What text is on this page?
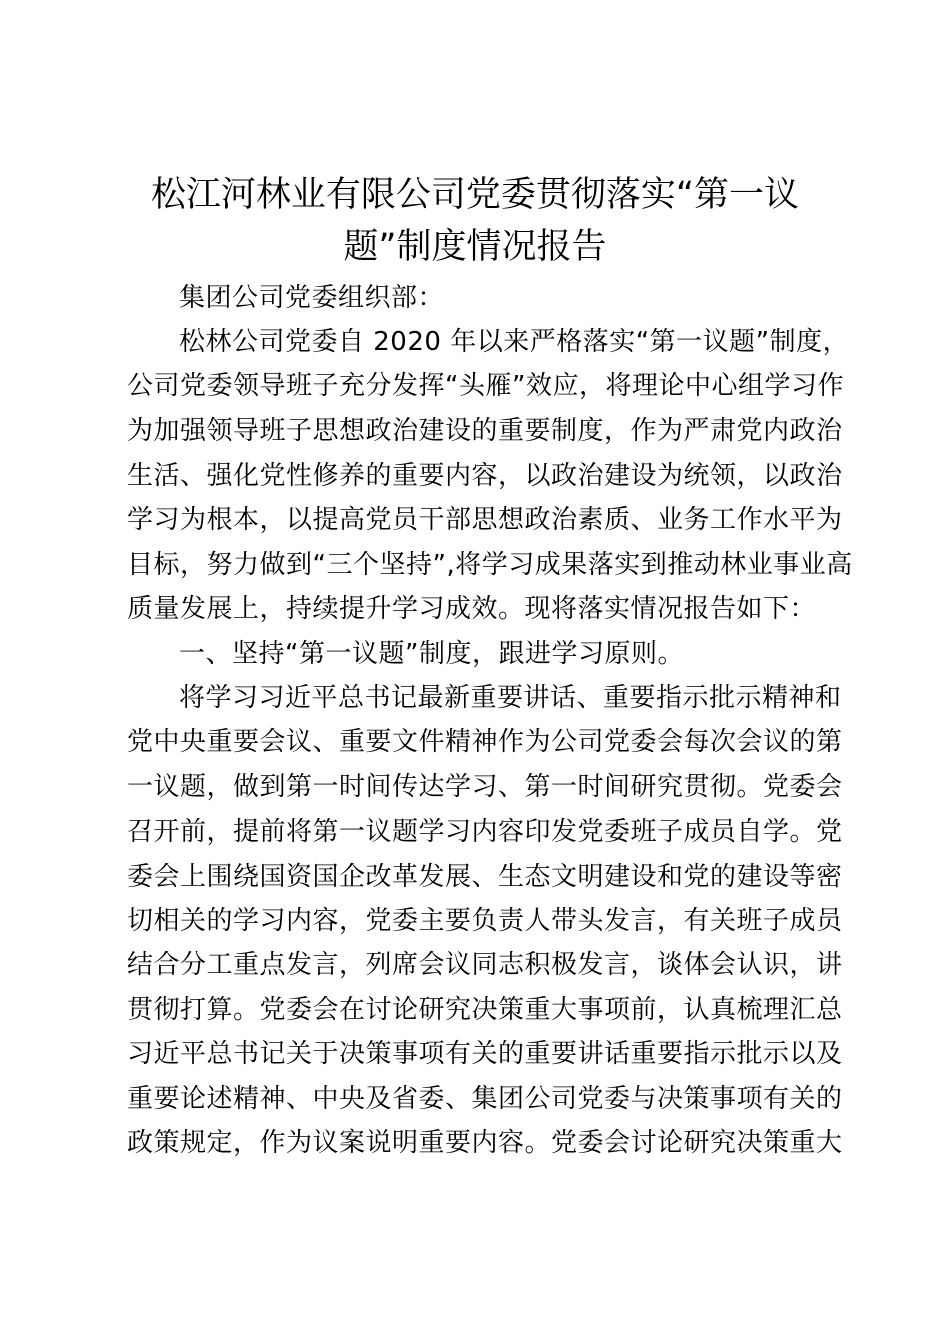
松江河林业有限公司党委贯彻落实“第一议
题”制度情况报告
集团公司党委组织部：
松林公司党委自 2020 年以来严格落实“第一议题”制度，
公司党委领导班子充分发挥“头雁”效应，将理论中心组学习作
为加强领导班子思想政治建设的重要制度，作为严肃党内政治
生活、强化党性修养的重要内容，以政治建设为统领，以政治
学习为根本，以提高党员干部思想政治素质、业务工作水平为
目标，努力做到“三个坚持”,将学习成果落实到推动林业事业高
质量发展上，持续提升学习成效。现将落实情况报告如下：
一、坚持“第一议题”制度，跟进学习原则。
将学习习近平总书记最新重要讲话、重要指示批示精神和
党中央重要会议、重要文件精神作为公司党委会每次会议的第
一议题，做到第一时间传达学习、第一时间研究贯彻。党委会
召开前，提前将第一议题学习内容印发党委班子成员自学。党
委会上围绕国资国企改革发展、生态文明建设和党的建设等密
切相关的学习内容，党委主要负责人带头发言，有关班子成员
结合分工重点发言，列席会议同志积极发言，谈体会认识，讲
贯彻打算。党委会在讨论研究决策重大事项前，认真梳理汇总
习近平总书记关于决策事项有关的重要讲话重要指示批示以及
重要论述精神、中央及省委、集团公司党委与决策事项有关的
政策规定，作为议案说明重要内容。党委会讨论研究决策重大
